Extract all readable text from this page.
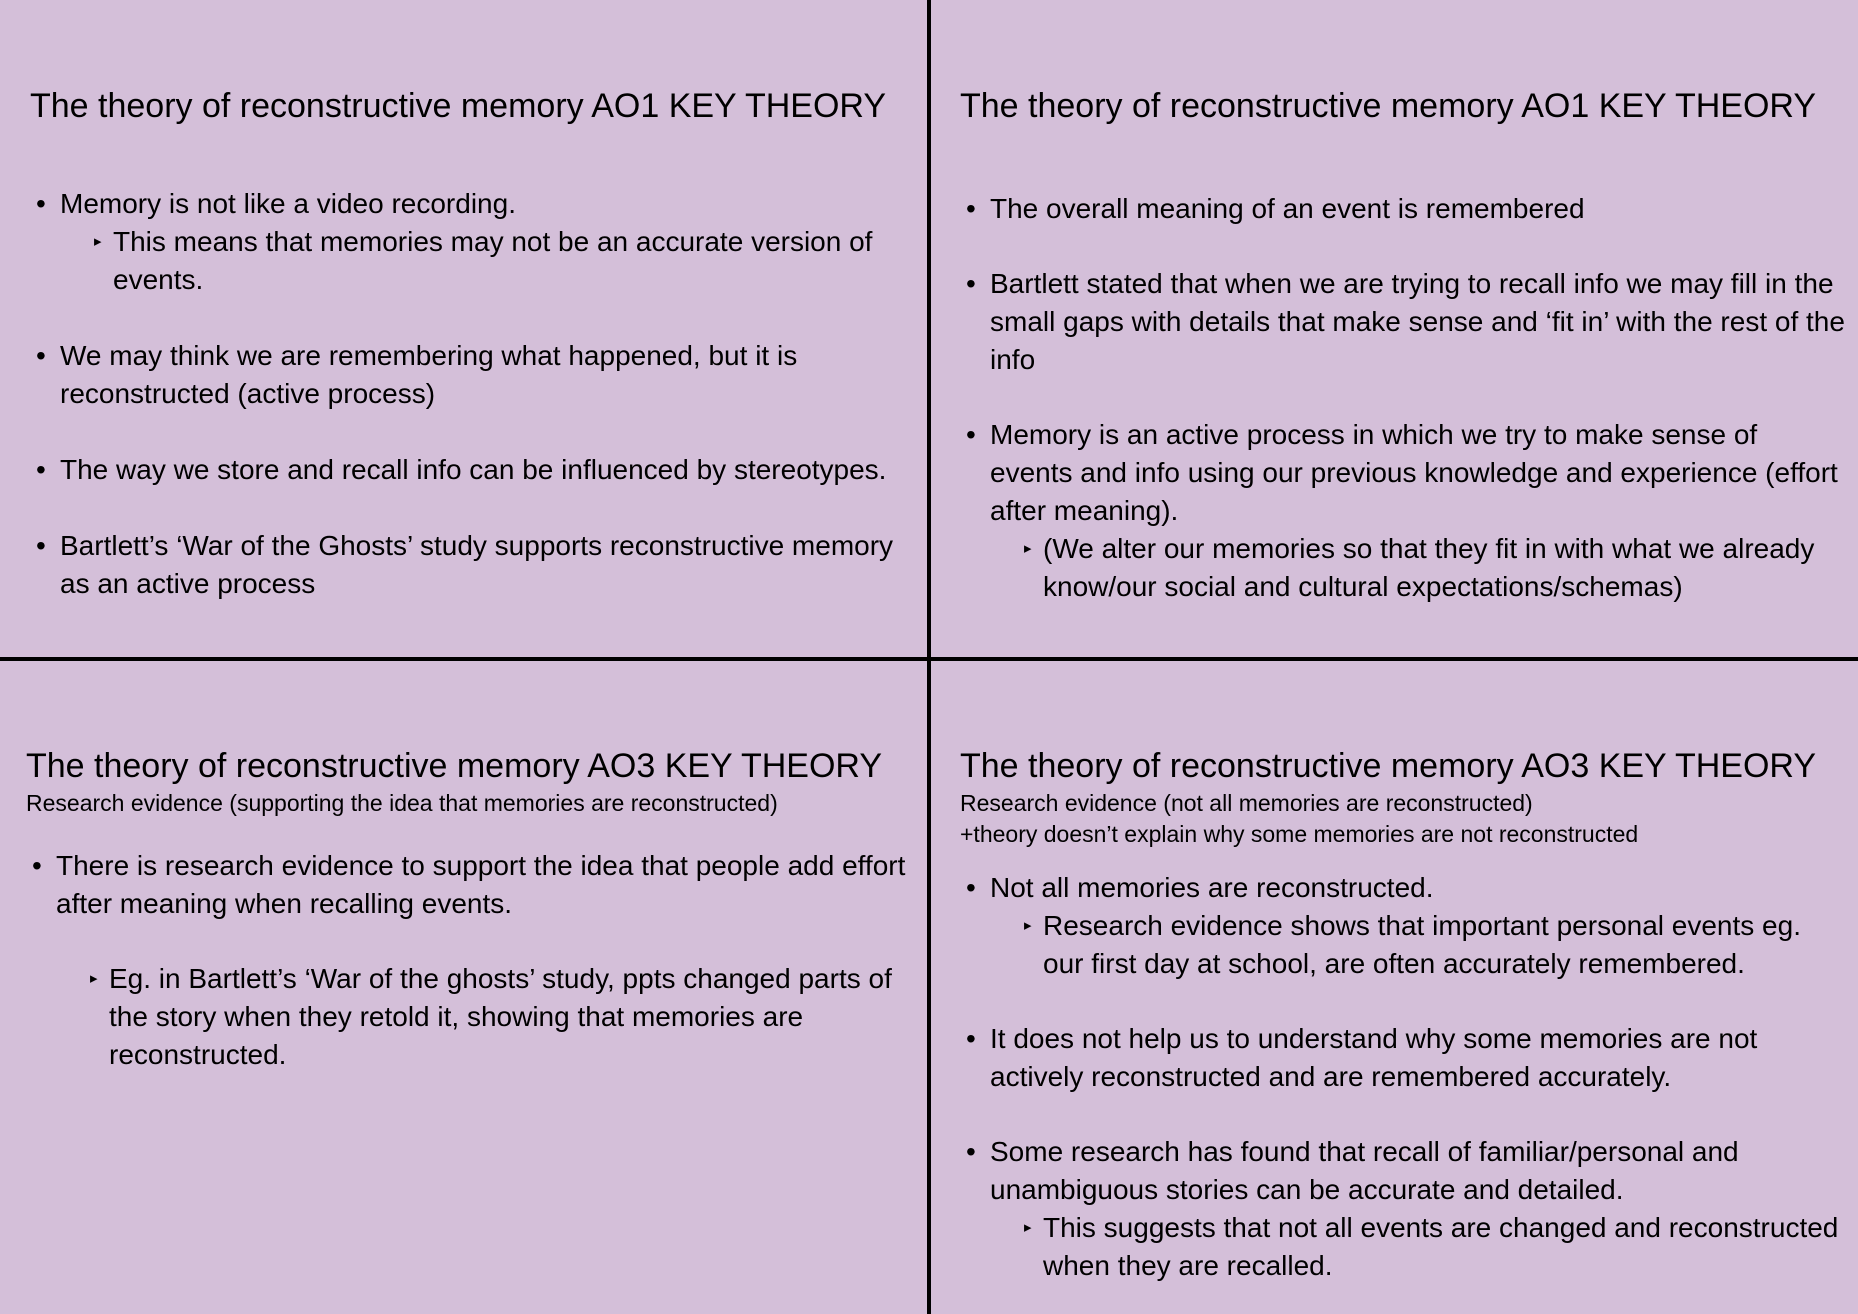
The theory of reconstructive memory AO1 KEY THEORY
• Memory is not like a video recording.
▸ This means that memories may not be an accurate version of events.
• We may think we are remembering what happened, but it is reconstructed (active process)
• The way we store and recall info can be influenced by stereotypes.
• Bartlett’s ‘War of the Ghosts’ study supports reconstructive memory as an active process
The theory of reconstructive memory AO1 KEY THEORY
• The overall meaning of an event is remembered
• Bartlett stated that when we are trying to recall info we may fill in the small gaps with details that make sense and ‘fit in’ with the rest of the info
• Memory is an active process in which we try to make sense of events and info using our previous knowledge and experience (effort after meaning).
▸ (We alter our memories so that they fit in with what we already know/our social and cultural expectations/schemas)
The theory of reconstructive memory AO3 KEY THEORY
Research evidence (supporting the idea that memories are reconstructed)
• There is research evidence to support the idea that people add effort after meaning when recalling events.
▸ Eg. in Bartlett’s ‘War of the ghosts’ study, ppts changed parts of the story when they retold it, showing that memories are reconstructed.
The theory of reconstructive memory AO3 KEY THEORY
Research evidence (not all memories are reconstructed)
+theory doesn’t explain why some memories are not reconstructed
• Not all memories are reconstructed.
▸ Research evidence shows that important personal events eg. our first day at school, are often accurately remembered.
• It does not help us to understand why some memories are not actively reconstructed and are remembered accurately.
• Some research has found that recall of familiar/personal and unambiguous stories can be accurate and detailed.
▸ This suggests that not all events are changed and reconstructed when they are recalled.
